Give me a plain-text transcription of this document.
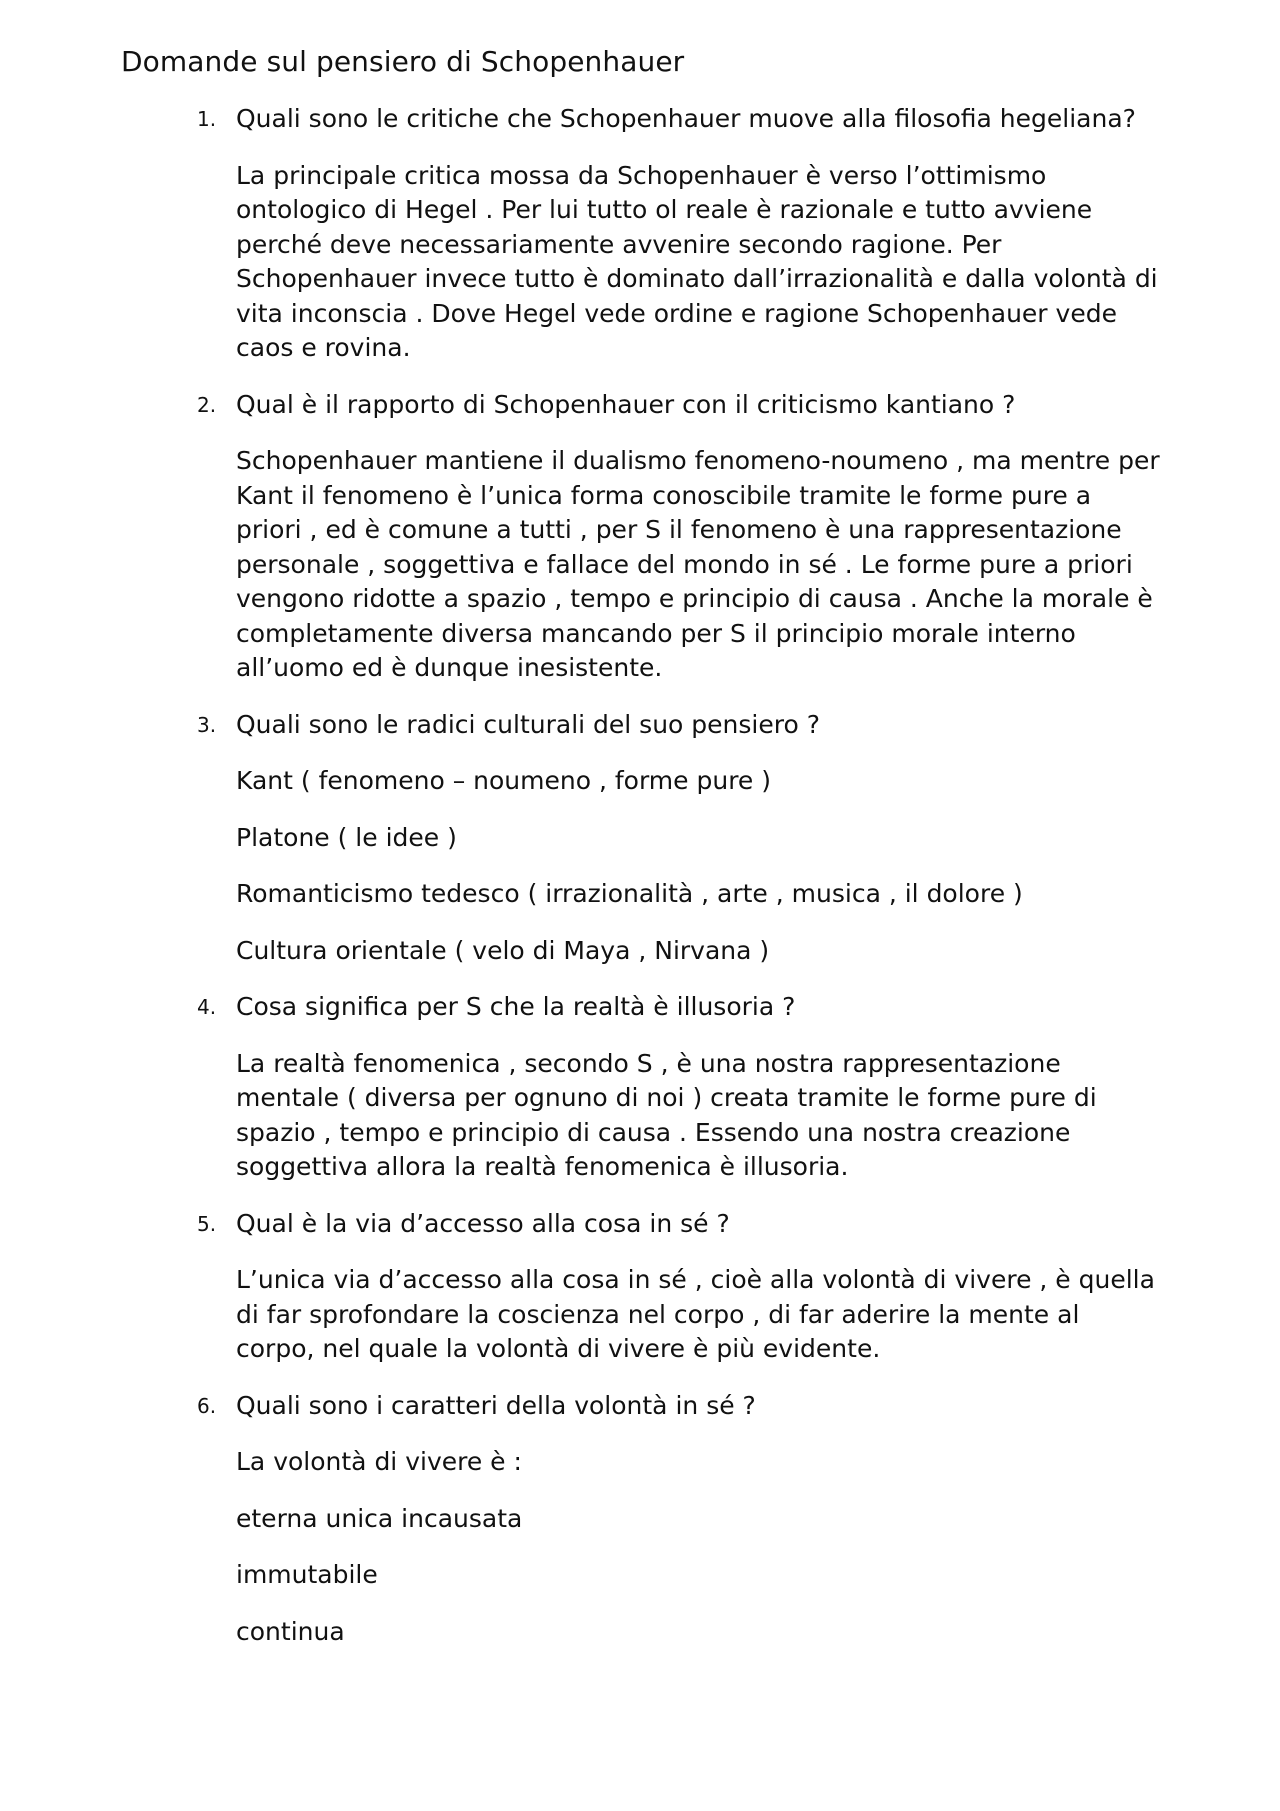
Domande sul pensiero di Schopenhauer
1. Quali sono le critiche che Schopenhauer muove alla filosofia hegeliana?

La principale critica mossa da Schopenhauer è verso l’ottimismo ontologico di Hegel . Per lui tutto ol reale è razionale e tutto avviene perché deve necessariamente avvenire secondo ragione. Per Schopenhauer invece tutto è dominato dall’irrazionalità e dalla volontà di vita inconscia . Dove Hegel vede ordine e ragione Schopenhauer vede caos e rovina.

2. Qual è il rapporto di Schopenhauer con il criticismo kantiano ?

Schopenhauer mantiene il dualismo fenomeno-noumeno , ma mentre per Kant il fenomeno è l’unica forma conoscibile tramite le forme pure a priori , ed è comune a tutti , per S il fenomeno è una rappresentazione personale , soggettiva e fallace del mondo in sé . Le forme pure a priori vengono ridotte a spazio , tempo e principio di causa . Anche la morale è completamente diversa mancando per S il principio morale interno all’uomo ed è dunque inesistente.

3. Quali sono le radici culturali del suo pensiero ?

Kant ( fenomeno – noumeno , forme pure )

Platone ( le idee )

Romanticismo tedesco ( irrazionalità , arte , musica , il dolore )

Cultura orientale ( velo di Maya , Nirvana )

4. Cosa significa per S che la realtà è illusoria ?

La realtà fenomenica , secondo S , è una nostra rappresentazione mentale ( diversa per ognuno di noi ) creata tramite le forme pure di spazio , tempo e principio di causa . Essendo una nostra creazione soggettiva allora la realtà fenomenica è illusoria.

5. Qual è la via d’accesso alla cosa in sé ?

L’unica via d’accesso alla cosa in sé , cioè alla volontà di vivere , è quella di far sprofondare la coscienza nel corpo , di far aderire la mente al corpo, nel quale la volontà di vivere è più evidente.

6. Quali sono i caratteri della volontà in sé ?

La volontà di vivere è :

eterna unica incausata

immutabile

continua
